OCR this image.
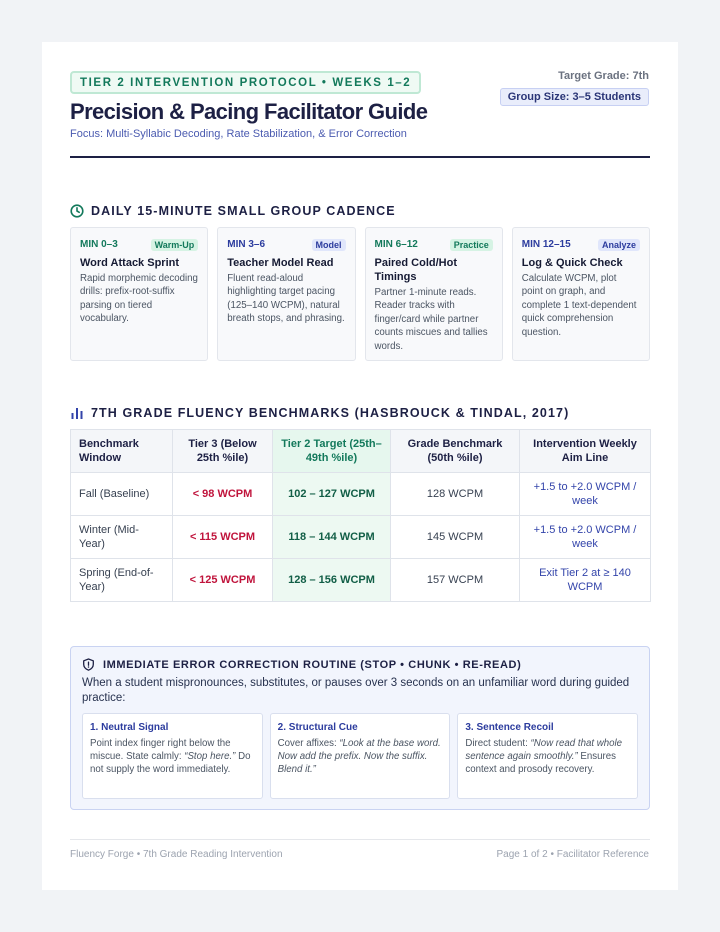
TIER 2 INTERVENTION PROTOCOL • WEEKS 1–2
Target Grade: 7th
Group Size: 3–5 Students
Precision & Pacing Facilitator Guide
Focus: Multi-Syllabic Decoding, Rate Stabilization, & Error Correction
DAILY 15-MINUTE SMALL GROUP CADENCE
MIN 0–3	Warm-Up
Word Attack Sprint
Rapid morphemic decoding drills: prefix-root-suffix parsing on tiered vocabulary.
MIN 3–6	Model
Teacher Model Read
Fluent read-aloud highlighting target pacing (125–140 WCPM), natural breath stops, and phrasing.
MIN 6–12	Practice
Paired Cold/Hot Timings
Partner 1-minute reads. Reader tracks with finger/card while partner counts miscues and tallies words.
MIN 12–15	Analyze
Log & Quick Check
Calculate WCPM, plot point on graph, and complete 1 text-dependent quick comprehension question.
7TH GRADE FLUENCY BENCHMARKS (HASBROUCK & TINDAL, 2017)
Benchmark Window	Tier 3 (Below 25th %ile)	Tier 2 Target (25th–49th %ile)	Grade Benchmark (50th %ile)	Intervention Weekly Aim Line
Fall (Baseline)	< 98 WCPM	102 – 127 WCPM	128 WCPM	+1.5 to +2.0 WCPM / week
Winter (Mid-Year)	< 115 WCPM	118 – 144 WCPM	145 WCPM	+1.5 to +2.0 WCPM / week
Spring (End-of-Year)	< 125 WCPM	128 – 156 WCPM	157 WCPM	Exit Tier 2 at ≥ 140 WCPM
IMMEDIATE ERROR CORRECTION ROUTINE (STOP • CHUNK • RE-READ)

When a student mispronounces, substitutes, or pauses over 3 seconds on an unfamiliar word during guided practice:

1. Neutral Signal
Point index finger right below the miscue. State calmly: “Stop here.” Do not supply the word immediately.
2. Structural Cue
Cover affixes: “Look at the base word. Now add the prefix. Now the suffix. Blend it.”
3. Sentence Recoil
Direct student: “Now read that whole sentence again smoothly.” Ensures context and prosody recovery.
Fluency Forge • 7th Grade Reading Intervention	Page 1 of 2 • Facilitator Reference
